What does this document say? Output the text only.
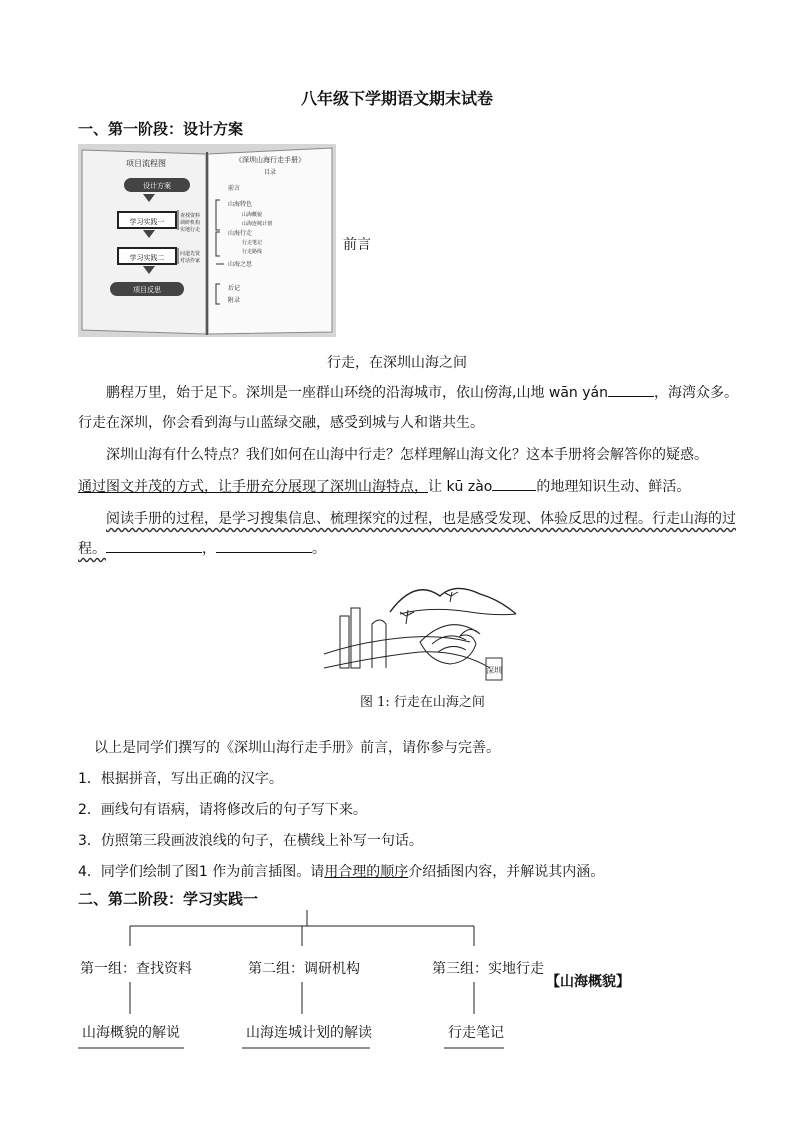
八年级下学期语文期末试卷
一、第一阶段：设计方案
项目流程图
设计方案
学习实践一
学习实践二
项目反思
查找资料
调研机构
实地行走
问道先贤
对话作家
《深圳山海行走手册》
目录
前言
山海特色
山海概貌
山海连城计划
山海行走
行走笔记
行走路线
山海之思
后记
附录
前言
行走，在深圳山海之间
鹏程万里，始于足下。深圳是一座群山环绕的沿海城市，依山傍海,山地 wān yán	，海湾众多。行走在深圳，你会看到海与山蓝绿交融，感受到城与人和谐共生。
深圳山海有什么特点？我们如何在山海中行走？怎样理解山海文化？这本手册将会解答你的疑惑。
通过图文并茂的方式，让手册充分展现了深圳山海特点，让 kū zào	的地理知识生动、鲜活。
阅读手册的过程，是学习搜集信息、梳理探究的过程，也是感受发现、体验反思的过程。行走山海的过程。	，	。
深圳
图 1: 行走在山海之间
以上是同学们撰写的《深圳山海行走手册》前言，请你参与完善。
1．根据拼音，写出正确的汉字。
2．画线句有语病，请将修改后的句子写下来。
3．仿照第三段画波浪线的句子，在横线上补写一句话。
4．同学们绘制了图1 作为前言插图。请用合理的顺序介绍插图内容，并解说其内涵。
二、第二阶段：学习实践一
第一组：查找资料	第二组：调研机构	第三组：实地行走
山海概貌的解说	山海连城计划的解读	行走笔记
【山海概貌】
